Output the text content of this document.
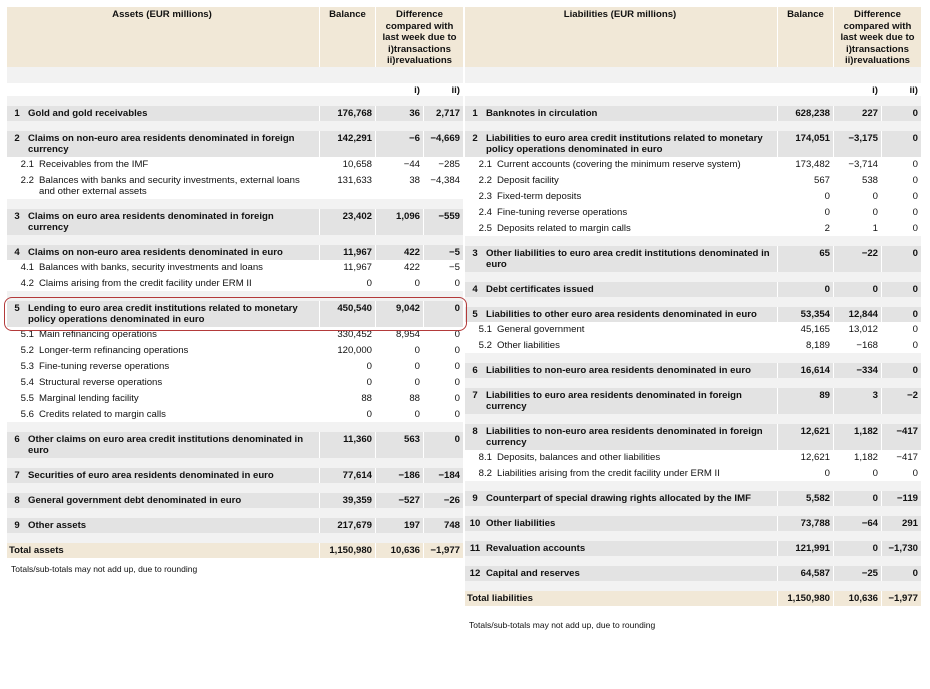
Assets (EUR millions)	Balance	Difference
compared with
last week due to
i)transactions
ii)revaluations
i)	ii)
1 Gold and gold receivables	176,768	36	2,717
2 Claims on non-euro area residents denominated in foreign currency
142,291	−6	−4,669
2.1 Receivables from the IMF	10,658	−44	−285
2.2 Balances with banks and security investments, external loans and other external assets
131,633	38	−4,384
3 Claims on euro area residents denominated in foreign currency
23,402	1,096	−559
4 Claims on non-euro area residents denominated in euro	11,967	422	−5
4.1 Balances with banks, security investments and loans	11,967	422	−5
4.2 Claims arising from the credit facility under ERM II	0	0	0
5 Lending to euro area credit institutions related to monetary policy operations denominated in euro
450,540	9,042	0
5.1 Main refinancing operations	330,452	8,954	0
5.2 Longer-term refinancing operations	120,000	0	0
5.3 Fine-tuning reverse operations	0	0	0
5.4 Structural reverse operations	0	0	0
5.5 Marginal lending facility	88	88	0
5.6 Credits related to margin calls	0	0	0
6 Other claims on euro area credit institutions denominated in euro
11,360	563	0
7 Securities of euro area residents denominated in euro	77,614	−186	−184
8 General government debt denominated in euro	39,359	−527	−26
9 Other assets	217,679	197	748
Total assets	1,150,980	10,636	−1,977
Totals/sub-totals may not add up, due to rounding
Liabilities (EUR millions)	Balance	Difference
compared with
last week due to
i)transactions
ii)revaluations
i)	ii)
1 Banknotes in circulation	628,238	227	0
2 Liabilities to euro area credit institutions related to monetary policy operations denominated in euro
174,051	−3,175	0
2.1 Current accounts (covering the minimum reserve system)	173,482	−3,714	0
2.2 Deposit facility	567	538	0
2.3 Fixed-term deposits	0	0	0
2.4 Fine-tuning reverse operations	0	0	0
2.5 Deposits related to margin calls	2	1	0
3 Other liabilities to euro area credit institutions denominated in euro
65	−22	0
4 Debt certificates issued	0	0	0
5 Liabilities to other euro area residents denominated in euro	53,354	12,844	0
5.1 General government	45,165	13,012	0
5.2 Other liabilities	8,189	−168	0
6 Liabilities to non-euro area residents denominated in euro	16,614	−334	0
7 Liabilities to euro area residents denominated in foreign currency
89	3	−2
8 Liabilities to non-euro area residents denominated in foreign currency
12,621	1,182	−417
8.1 Deposits, balances and other liabilities	12,621	1,182	−417
8.2 Liabilities arising from the credit facility under ERM II	0	0	0
9 Counterpart of special drawing rights allocated by the IMF	5,582	0	−119
10 Other liabilities	73,788	−64	291
11 Revaluation accounts	121,991	0	−1,730
12 Capital and reserves	64,587	−25	0
Total liabilities	1,150,980	10,636	−1,977
Totals/sub-totals may not add up, due to rounding
